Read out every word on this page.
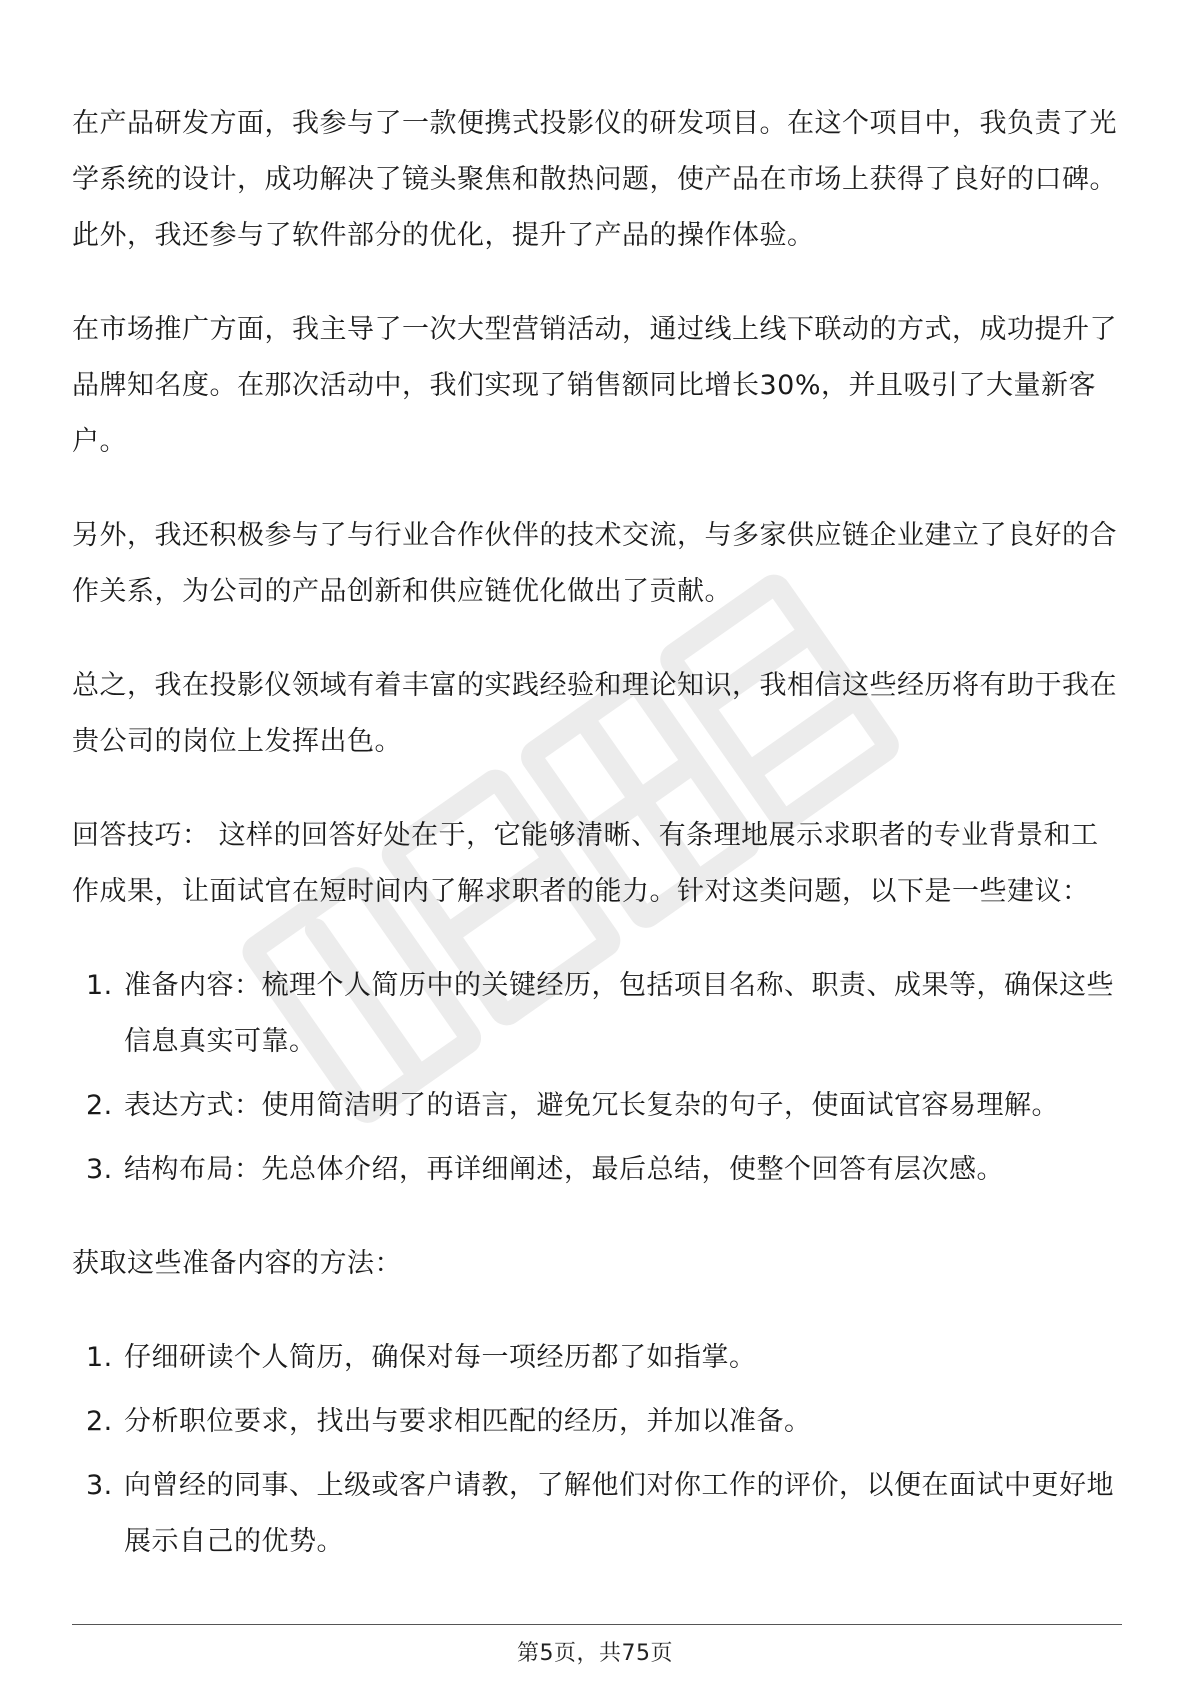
在产品研发方面，我参与了一款便携式投影仪的研发项目。在这个项目中，我负责了光学系统的设计，成功解决了镜头聚焦和散热问题，使产品在市场上获得了良好的口碑。此外，我还参与了软件部分的优化，提升了产品的操作体验。

在市场推广方面，我主导了一次大型营销活动，通过线上线下联动的方式，成功提升了品牌知名度。在那次活动中，我们实现了销售额同比增长30%，并且吸引了大量新客户。

另外，我还积极参与了与行业合作伙伴的技术交流，与多家供应链企业建立了良好的合作关系，为公司的产品创新和供应链优化做出了贡献。

总之，我在投影仪领域有着丰富的实践经验和理论知识，我相信这些经历将有助于我在贵公司的岗位上发挥出色。

回答技巧： 这样的回答好处在于，它能够清晰、有条理地展示求职者的专业背景和工作成果，让面试官在短时间内了解求职者的能力。针对这类问题，以下是一些建议：

1. 准备内容：梳理个人简历中的关键经历，包括项目名称、职责、成果等，确保这些信息真实可靠。
2. 表达方式：使用简洁明了的语言，避免冗长复杂的句子，使面试官容易理解。
3. 结构布局：先总体介绍，再详细阐述，最后总结，使整个回答有层次感。

获取这些准备内容的方法：

1. 仔细研读个人简历，确保对每一项经历都了如指掌。
2. 分析职位要求，找出与要求相匹配的经历，并加以准备。
3. 向曾经的同事、上级或客户请教，了解他们对你工作的评价，以便在面试中更好地展示自己的优势。
第5页，共75页
